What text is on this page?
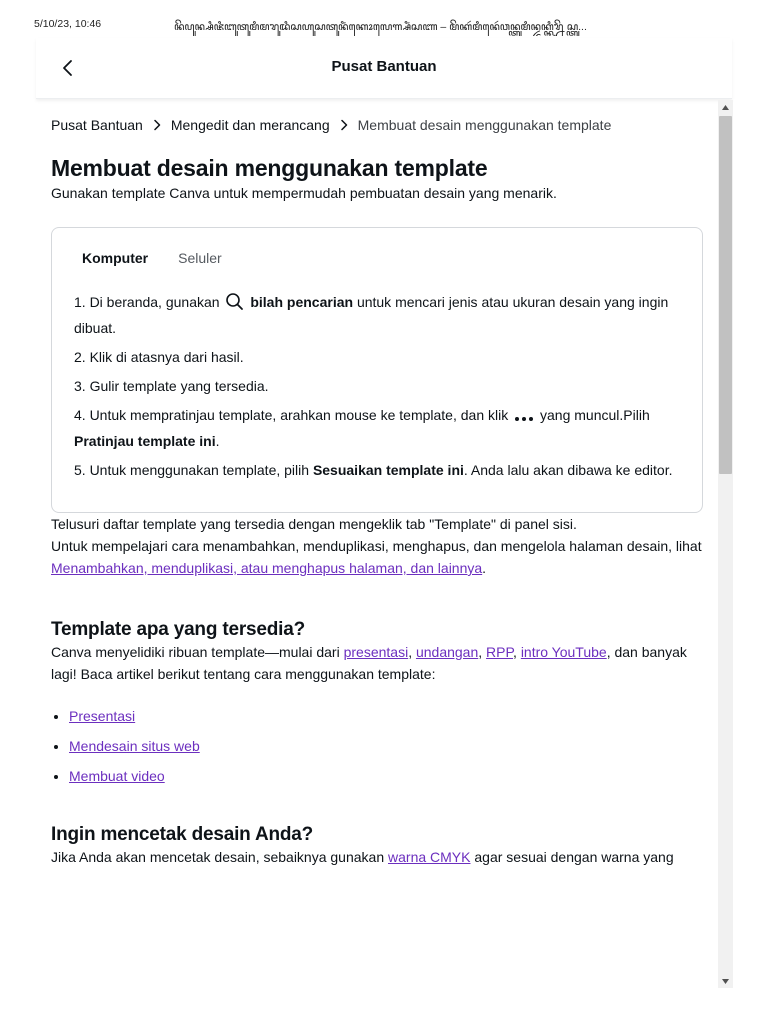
5/10/23, 10:46	ꦤꦼꦥꦸꦤ꧀ꦱꦶꦗꦶꦧꦸꦠꦸꦩꦶꦩꦫꦸꦢꦶꦱꦲꦸꦱꦠꦸꦤꦶꦁꦏꦺꦴꦭꦺꦒ꧀ꦱꦶꦁꦱꦚ – ꦩꦼꦏꦂꦩꦶꦤꦺꦂꦮꦤ꧀ꦠꦸꦩꦶꦤ꧀ꦢꦏ꧀ꦏꦶꦫ꧀ꦤꦼꦱ꧀ꦠꦸ...
Pusat Bantuan
Pusat Bantuan Mengedit dan merancang Membuat desain menggunakan template
Membuat desain menggunakan template

Gunakan template Canva untuk mempermudah pembuatan desain yang menarik.

Komputer Seluler
1. Di beranda, gunakan bilah pencarian untuk mencari jenis atau ukuran desain yang ingin dibuat.
2. Klik di atasnya dari hasil.
3. Gulir template yang tersedia.
4. Untuk mempratinjau template, arahkan mouse ke template, dan klik yang muncul.Pilih Pratinjau template ini.
5. Untuk menggunakan template, pilih Sesuaikan template ini. Anda lalu akan dibawa ke editor.

Telusuri daftar template yang tersedia dengan mengeklik tab "Template" di panel sisi.

Untuk mempelajari cara menambahkan, menduplikasi, menghapus, dan mengelola halaman desain, lihat Menambahkan, menduplikasi, atau menghapus halaman, dan lainnya.

Template apa yang tersedia?

Canva menyelidiki ribuan template—mulai dari presentasi, undangan, RPP, intro YouTube, dan banyak lagi! Baca artikel berikut tentang cara menggunakan template:

• Presentasi
• Mendesain situs web
• Membuat video
Ingin mencetak desain Anda?

Jika Anda akan mencetak desain, sebaiknya gunakan warna CMYK agar sesuai dengan warna yang
